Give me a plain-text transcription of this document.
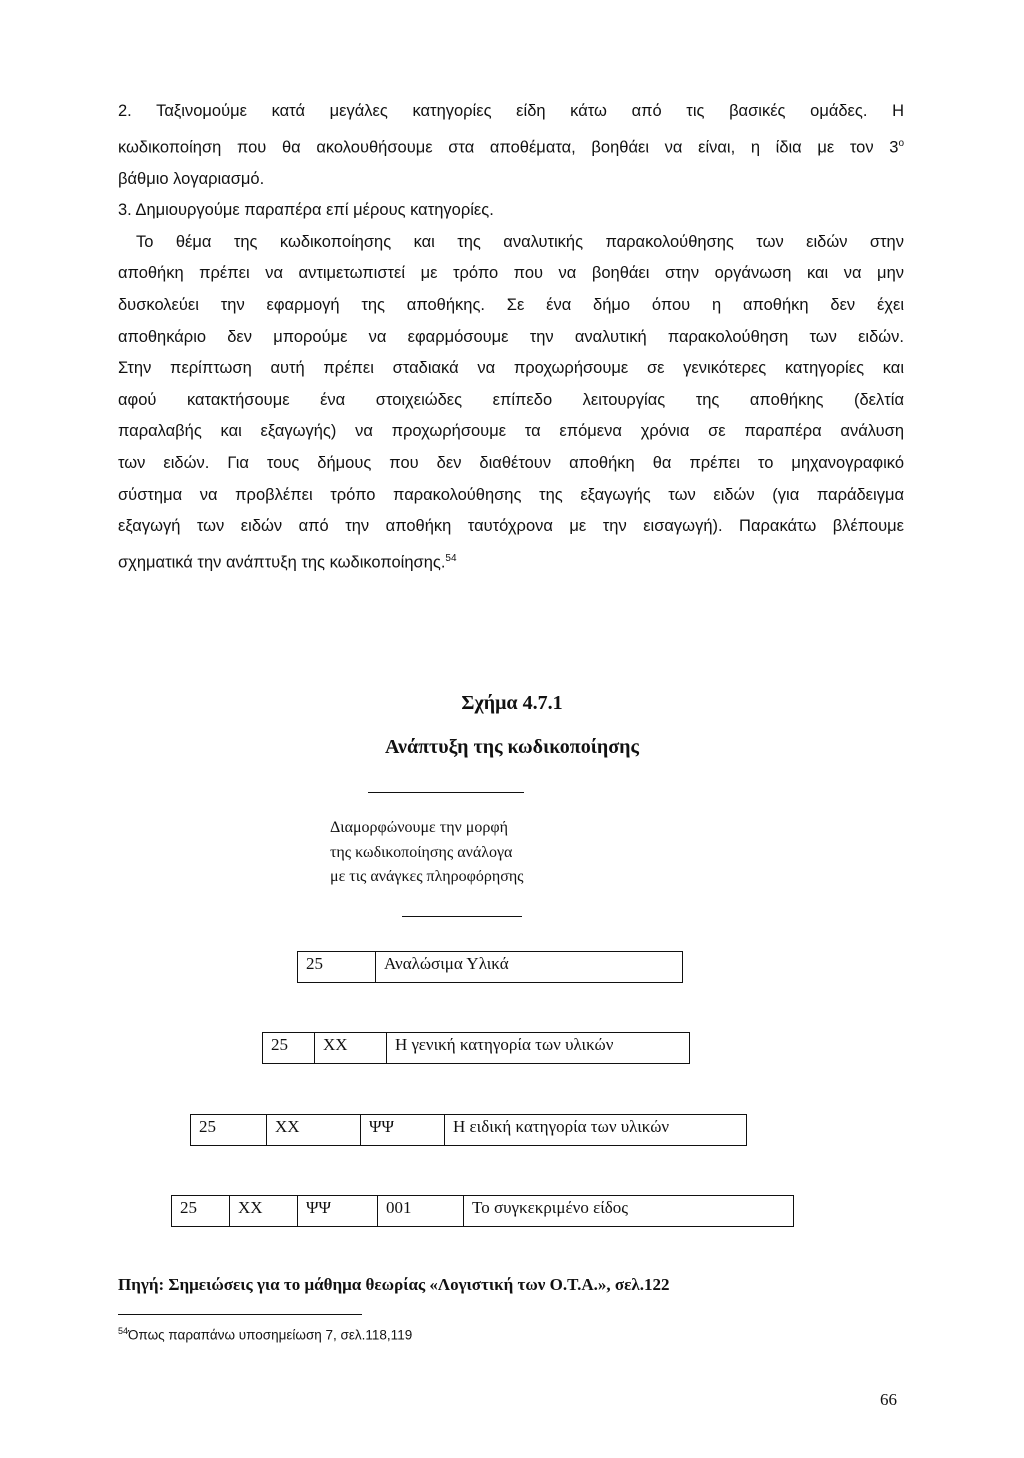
2. Ταξινομούμε κατά μεγάλες κατηγορίες είδη κάτω από τις βασικές ομάδες. Η
κωδικοποίηση που θα ακολουθήσουμε στα αποθέματα, βοηθάει να είναι, η ίδια με τον $3^o$
βάθμιο λογαριασμό.
3. Δημιουργούμε παραπέρα επί μέρους κατηγορίες.
Το θέμα της κωδικοποίησης και της αναλυτικής παρακολούθησης των ειδών στην
αποθήκη πρέπει να αντιμετωπιστεί με τρόπο που να βοηθάει στην οργάνωση και να μην
δυσκολεύει την εφαρμογή της αποθήκης. Σε ένα δήμο όπου η αποθήκη δεν έχει
αποθηκάριο δεν μπορούμε να εφαρμόσουμε την αναλυτική παρακολούθηση των ειδών.
Στην περίπτωση αυτή πρέπει σταδιακά να προχωρήσουμε σε γενικότερες κατηγορίες και
αφού κατακτήσουμε ένα στοιχειώδες επίπεδο λειτουργίας της αποθήκης (δελτία
παραλαβής και εξαγωγής) να προχωρήσουμε τα επόμενα χρόνια σε παραπέρα ανάλυση
των ειδών. Για τους δήμους που δεν διαθέτουν αποθήκη θα πρέπει το μηχανογραφικό
σύστημα να προβλέπει τρόπο παρακολούθησης της εξαγωγής των ειδών (για παράδειγμα
εξαγωγή των ειδών από την αποθήκη ταυτόχρονα με την εισαγωγή). Παρακάτω βλέπουμε
σχηματικά την ανάπτυξη της κωδικοποίησης.$^{54}$
Σχήμα 4.7.1
Ανάπτυξη της κωδικοποίησης
Διαμορφώνουμε την μορφή
της κωδικοποίησης ανάλογα
με τις ανάγκες πληροφόρησης
25	Αναλώσιμα Υλικά
25	ΧΧ	Η γενική κατηγορία των υλικών
25	ΧΧ	ΨΨ	Η ειδική κατηγορία των υλικών
25	ΧΧ	ΨΨ	001	Το συγκεκριμένο είδος
Πηγή: Σημειώσεις για το μάθημα θεωρίας «Λογιστική των Ο.Τ.Α.», σελ.122
$^{54}$Όπως παραπάνω υποσημείωση 7, σελ.118,119
66
